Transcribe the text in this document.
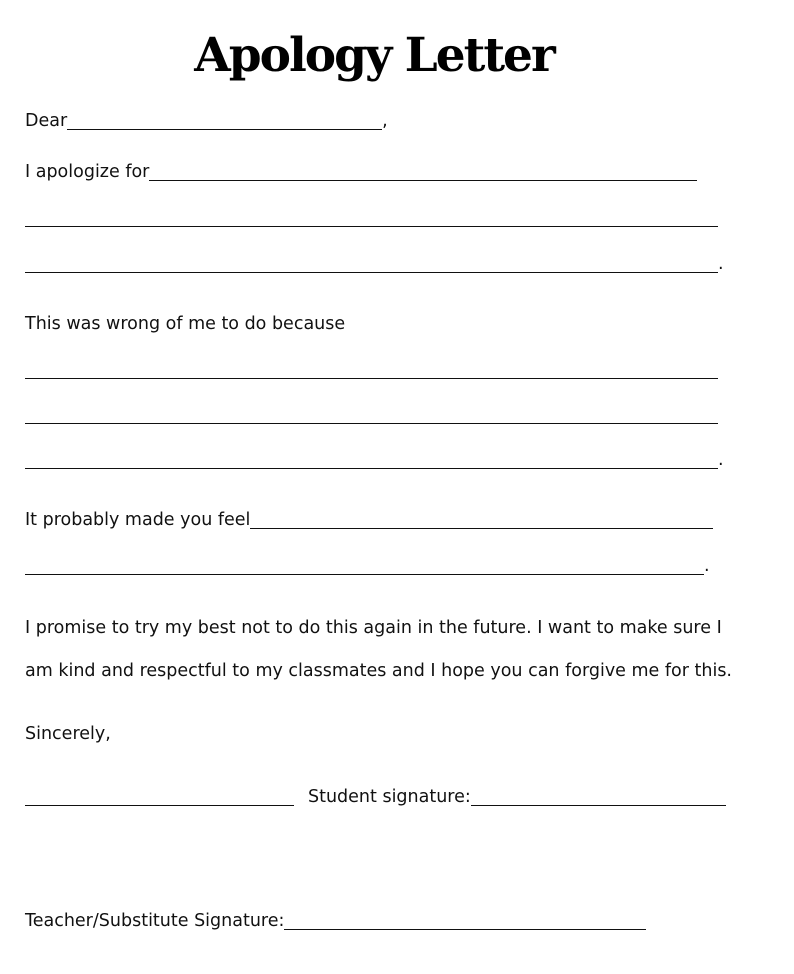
Apology Letter
Dear	,
I apologize for
.
This was wrong of me to do because
.
It probably made you feel
.
I promise to try my best not to do this again in the future. I want to make sure I
am kind and respectful to my classmates and I hope you can forgive me for this.
Sincerely,
Student signature:
Teacher/Substitute Signature:
